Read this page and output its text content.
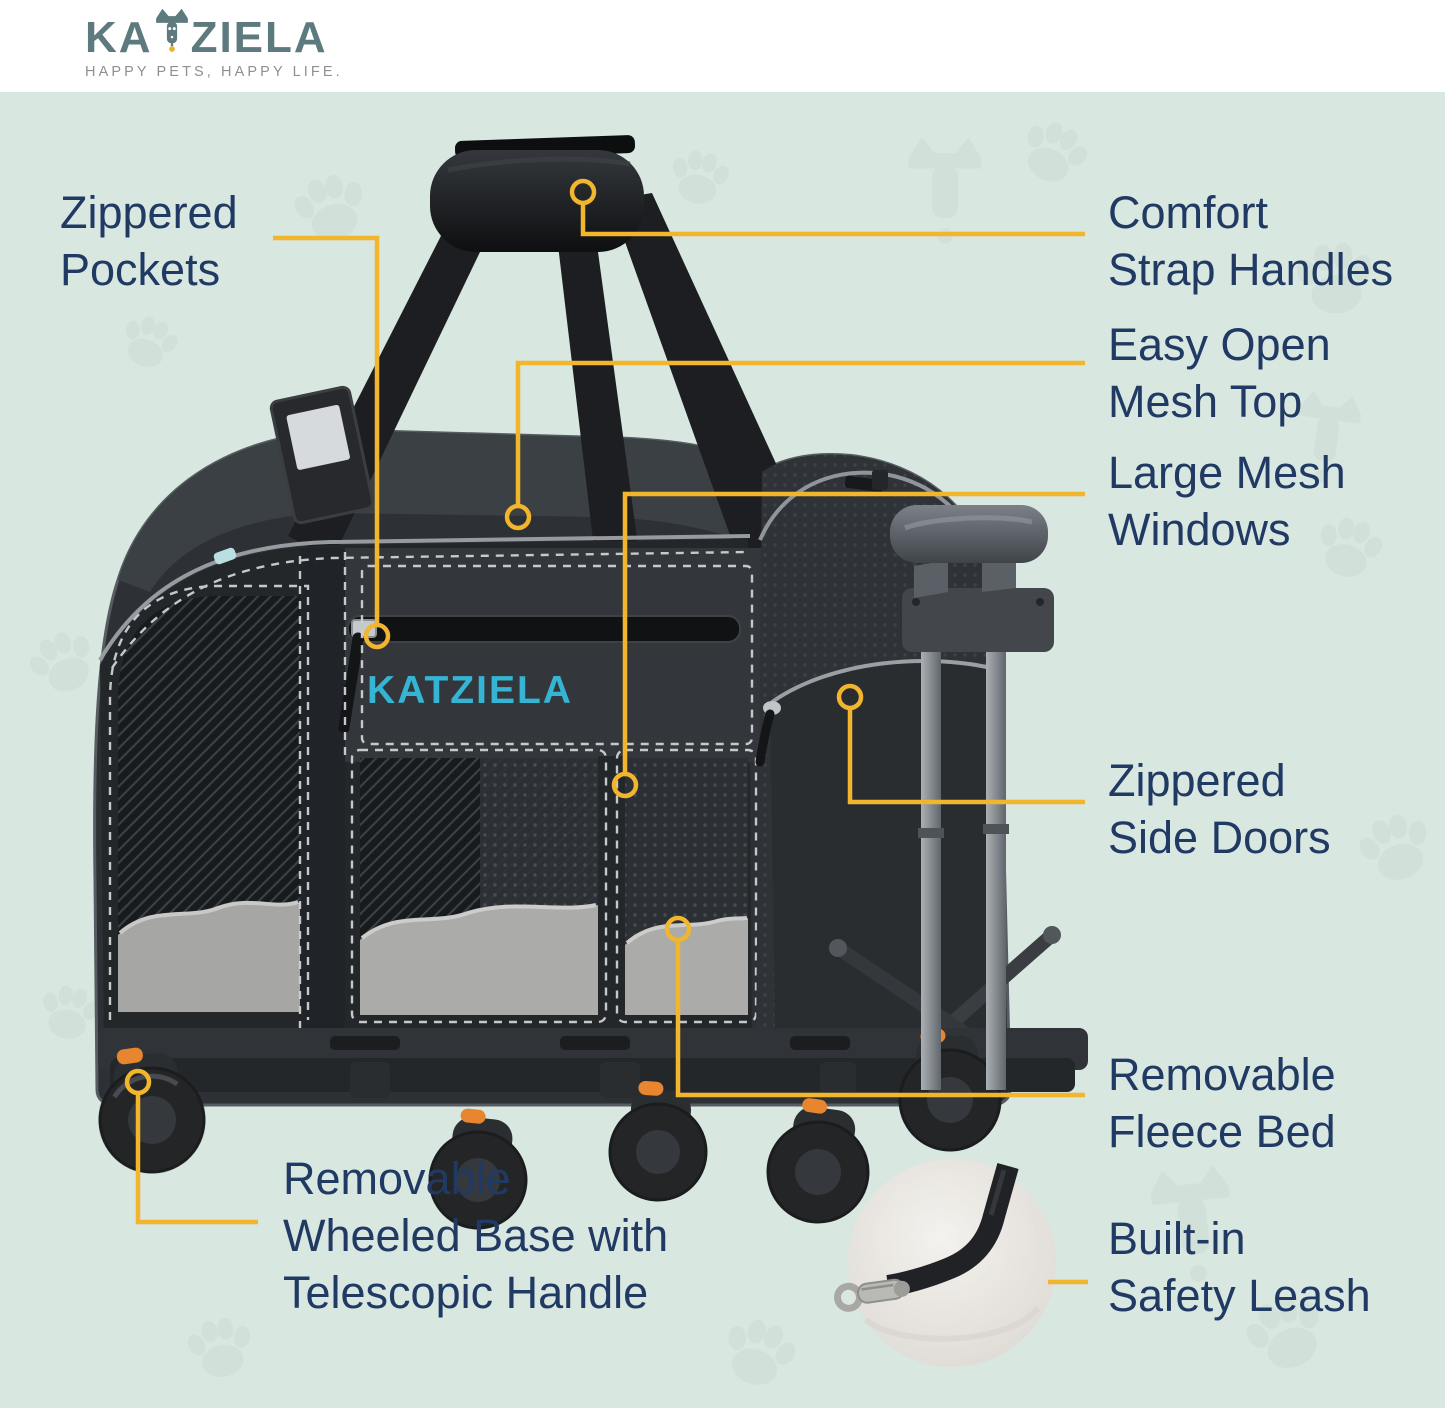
KA ZIELA
HAPPY PETS, HAPPY LIFE.
KATZIELA
Zippered
Pockets
Comfort
Strap Handles
Easy Open
Mesh Top
Large Mesh
Windows
Zippered
Side Doors
Removable
Fleece Bed
Removable
Wheeled Base with
Telescopic Handle
Built-in
Safety Leash
